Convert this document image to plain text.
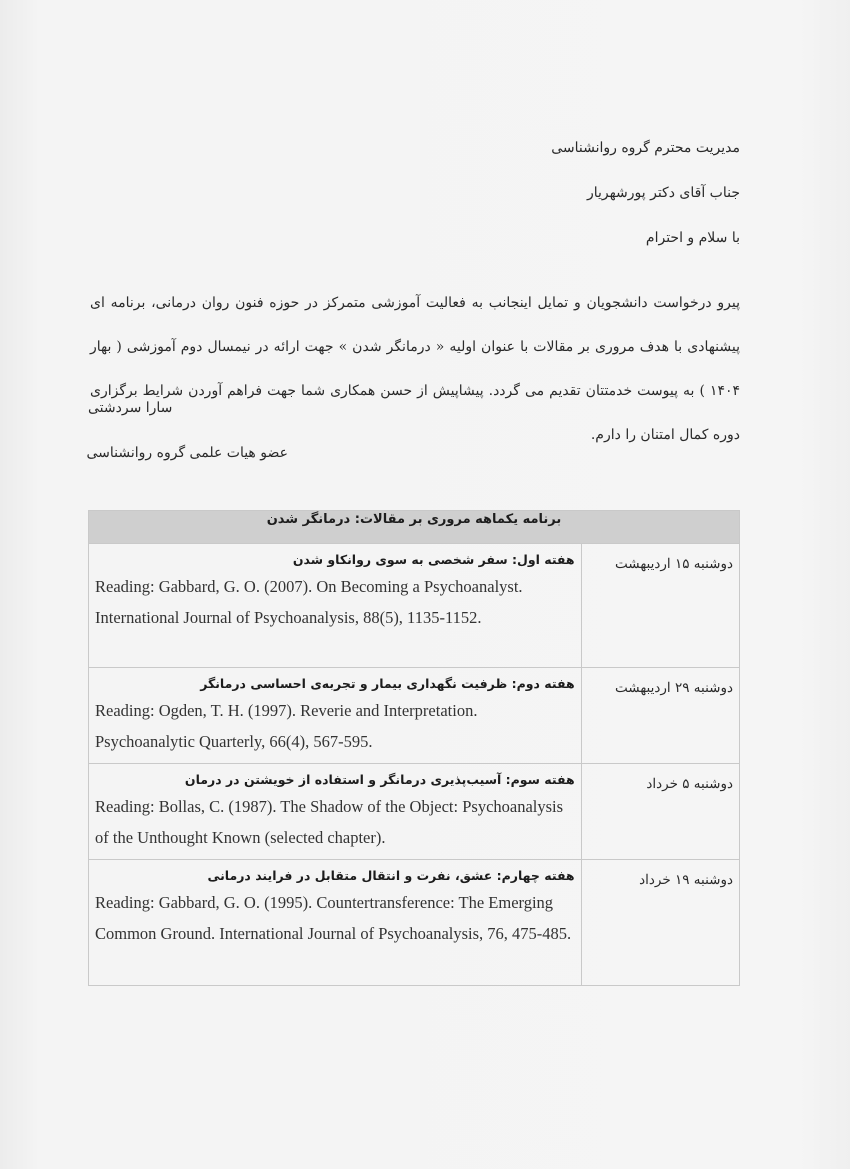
مدیریت محترم گروه روانشناسی

جناب آقای دکتر پورشهریار

با سلام و احترام

پیرو درخواست دانشجویان و تمایل اینجانب به فعالیت آموزشی متمرکز در حوزه فنون روان درمانی، برنامه ای پیشنهادی با هدف مروری بر مقالات با عنوان اولیه « درمانگر شدن » جهت ارائه در نیمسال دوم آموزشی ( بهار ۱۴۰۴ ) به پیوست خدمتتان تقدیم می گردد. پیشاپیش از حسن همکاری شما جهت فراهم آوردن شرایط برگزاری دوره کمال امتنان را دارم.

سارا سردشتی
عضو هیات علمی گروه روانشناسی
برنامه یکماهه مروری بر مقالات: درمانگر شدن	
دوشنبه ۱۵ اردیبهشت	هفته اول: سفر شخصی به سوی روانکاو شدن
Reading: Gabbard, G. O. (2007). On Becoming a Psychoanalyst. International Journal of Psychoanalysis, 88(5), 1135-1152.

دوشنبه ۲۹ اردیبهشت	هفته دوم: ظرفیت نگهداری بیمار و تجربه‌ی احساسی درمانگر
Reading: Ogden, T. H. (1997). Reverie and Interpretation. Psychoanalytic Quarterly, 66(4), 567-595.

دوشنبه ۵ خرداد	هفته سوم: آسیب‌پذیری درمانگر و استفاده از خویشتن در درمان
Reading: Bollas, C. (1987). The Shadow of the Object: Psychoanalysis of the Unthought Known (selected chapter).

دوشنبه ۱۹ خرداد	هفته چهارم: عشق، نفرت و انتقال متقابل در فرایند درمانی
Reading: Gabbard, G. O. (1995). Countertransference: The Emerging Common Ground. International Journal of Psychoanalysis, 76, 475-485.
